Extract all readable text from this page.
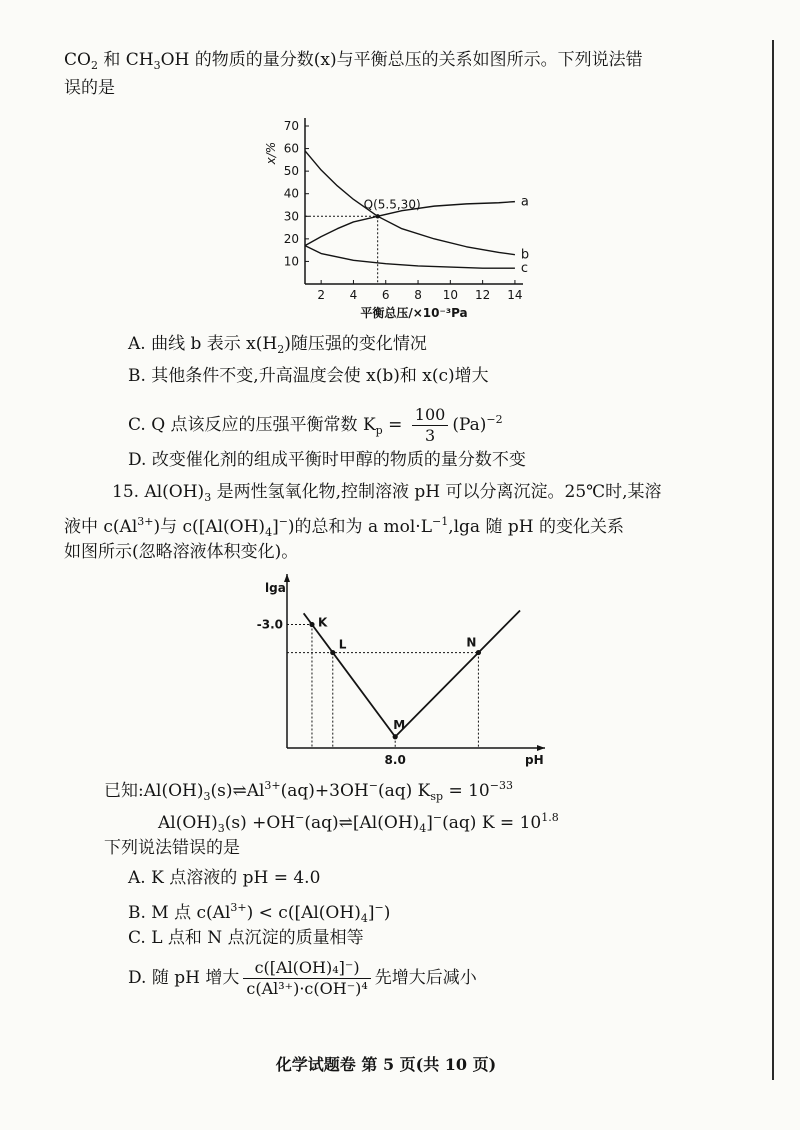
$CO_2$ 和 $CH_3OH$ 的物质的量分数(x)与平衡总压的关系如图所示。下列说法错
误的是
2 4 6 8 10 12 14
10
20
30
40
50
60
70
平衡总压/×10⁻³Pa
x/%
a
b
c
Q(5.5,30)
A. 曲线 b 表示 $x(H_2)$随压强的变化情况
B. 其他条件不变,升高温度会使 x(b)和 x(c)增大
C. Q 点该反应的压强平衡常数 $K_p = \frac{100}{3} (Pa)^{-2}$
D. 改变催化剂的组成平衡时甲醇的物质的量分数不变
15. $Al(OH)_3$ 是两性氢氧化物,控制溶液 pH 可以分离沉淀。25℃时,某溶
液中 $c(Al^{3+})$与 $c([Al(OH)_4]^-)$的总和为 a $mol\cdot L^{-1},\lg a$ 随 pH 的变化关系
如图所示(忽略溶液体积变化)。
lga
pH
-3.0
8.0
K
L
M
N
已知$:Al(OH)_3(s)\rightleftharpoons Al^{3+}(aq)+3OH^-(aq) K_{sp} = 10^{-33}$
$Al(OH)_3(s)$ $+OH^-(aq)\rightleftharpoons[Al(OH)_4]^-(aq) K = 10^{1.8}$
下列说法错误的是
A. K 点溶液的 pH = 4.0
B. M 点 $c(Al^{3+}) < c([Al(OH)_4]^-)$
C. L 点和 N 点沉淀的质量相等
D. 随 pH 增大 $\frac{\text{c([Al(OH)₄]⁻)}}{\text{c(Al³⁺)·c(OH⁻)⁴}}$ 先增大后减小
化学试题卷 第 5 页(共 10 页)
